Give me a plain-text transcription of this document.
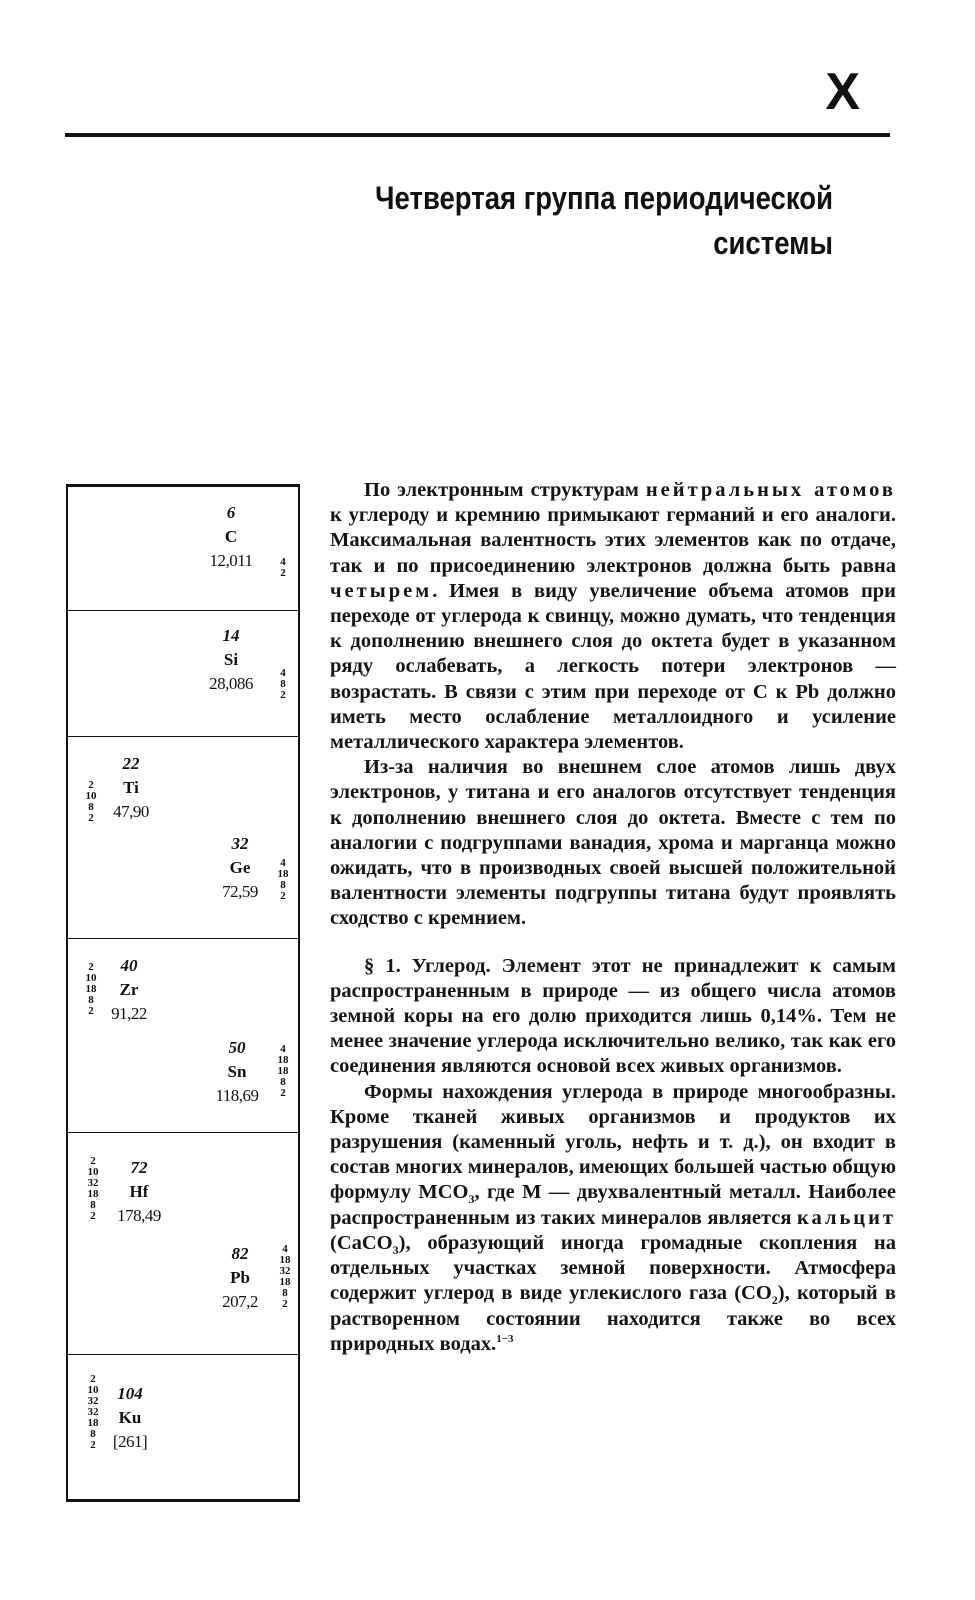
X
Четвертая группа периодической
системы
6
C
12,011	4
2
14
Si
28,086
4
8
2
22
Ti
47,90
2
10
8
2
32
Ge
72,59
4
18
8
2
40
Zr
91,22
2
10
18
8
2
50
Sn
118,69
4
18
18
8
2
72
Hf
178,49
2
10
32
18
8
2
82
Pb
207,2
4
18
32
18
8
2
104
Ku
[261]
2
10
32
32
18
8
2

По электронным структурам нейтральных атомов к углероду и кремнию примыкают германий и его аналоги. Максимальная валентность этих элементов как по отдаче, так и по присоединению электронов должна быть равна четырем. Имея в виду увеличение объема атомов при переходе от углерода к свинцу, можно думать, что тенденция к дополнению внешнего слоя до октета будет в указанном ряду ослабевать, а легкость потери электронов — возрастать. В связи с этим при переходе от C к Pb должно иметь место ослабление металлоидного и усиление металлического характера элементов.

Из-за наличия во внешнем слое атомов лишь двух электронов, у титана и его аналогов отсутствует тенденция к дополнению внешнего слоя до октета. Вместе с тем по аналогии с подгруппами ванадия, хрома и марганца можно ожидать, что в производных своей высшей положительной валентности элементы подгруппы титана будут проявлять сходство с кремнием.

§ 1. Углерод. Элемент этот не принадлежит к самым распространенным в природе — из общего числа атомов земной коры на его долю приходится лишь 0,14%. Тем не менее значение углерода исключительно велико, так как его соединения являются основой всех живых организмов.

Формы нахождения углерода в природе многообразны. Кроме тканей живых организмов и продуктов их разрушения (каменный уголь, нефть и т. д.), он входит в состав многих минералов, имеющих большей частью общую формулу $MCO_3$, где M — двухвалентный металл. Наиболее распространенным из таких минералов является кальцит (CaCO$_3$), образующий иногда громадные скопления на отдельных участках земной поверхности. Атмосфера содержит углерод в виде углекислого газа $(CO_2)$, который в растворенном состоянии находится также во всех природных водах.$^{1-3}$
